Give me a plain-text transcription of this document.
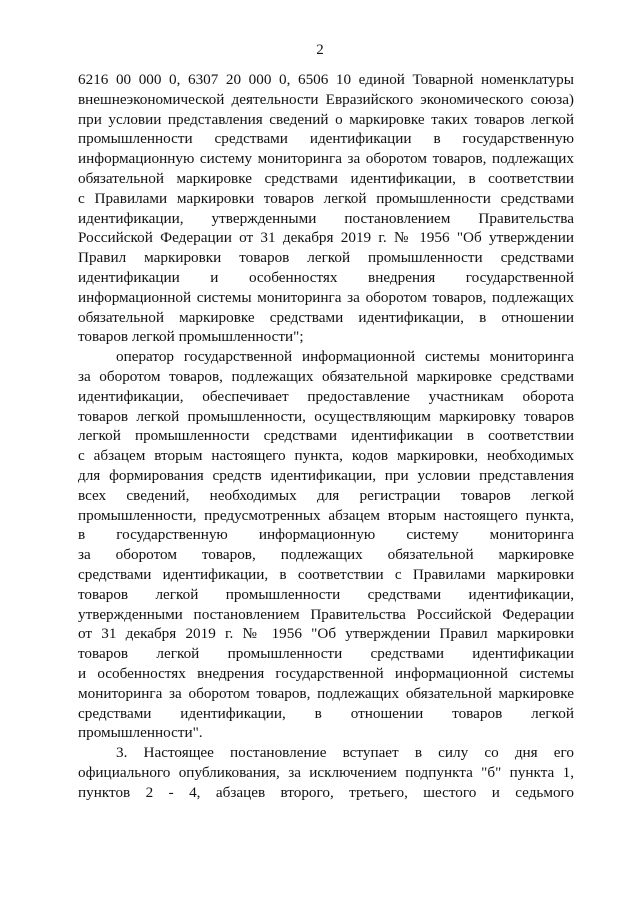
2
6216 00 000 0, 6307 20 000 0, 6506 10 единой Товарной номенклатуры
внешнеэкономической деятельности Евразийского экономического союза)
при условии представления сведений о маркировке таких товаров легкой
промышленности средствами идентификации в государственную
информационную систему мониторинга за оборотом товаров, подлежащих
обязательной маркировке средствами идентификации, в соответствии
с Правилами маркировки товаров легкой промышленности средствами
идентификации, утвержденными постановлением Правительства
Российской Федерации от 31 декабря 2019 г. № 1956 "Об утверждении
Правил маркировки товаров легкой промышленности средствами
идентификации и особенностях внедрения государственной
информационной системы мониторинга за оборотом товаров, подлежащих
обязательной маркировке средствами идентификации, в отношении
товаров легкой промышленности";
оператор государственной информационной системы мониторинга
за оборотом товаров, подлежащих обязательной маркировке средствами
идентификации, обеспечивает предоставление участникам оборота
товаров легкой промышленности, осуществляющим маркировку товаров
легкой промышленности средствами идентификации в соответствии
с абзацем вторым настоящего пункта, кодов маркировки, необходимых
для формирования средств идентификации, при условии представления
всех сведений, необходимых для регистрации товаров легкой
промышленности, предусмотренных абзацем вторым настоящего пункта,
в государственную информационную систему мониторинга
за оборотом товаров, подлежащих обязательной маркировке
средствами идентификации, в соответствии с Правилами маркировки
товаров легкой промышленности средствами идентификации,
утвержденными постановлением Правительства Российской Федерации
от 31 декабря 2019 г. № 1956 "Об утверждении Правил маркировки
товаров легкой промышленности средствами идентификации
и особенностях внедрения государственной информационной системы
мониторинга за оборотом товаров, подлежащих обязательной маркировке
средствами идентификации, в отношении товаров легкой
промышленности".
3. Настоящее постановление вступает в силу со дня его
официального опубликования, за исключением подпункта "б" пункта 1,
пунктов 2 - 4, абзацев второго, третьего, шестого и седьмого
